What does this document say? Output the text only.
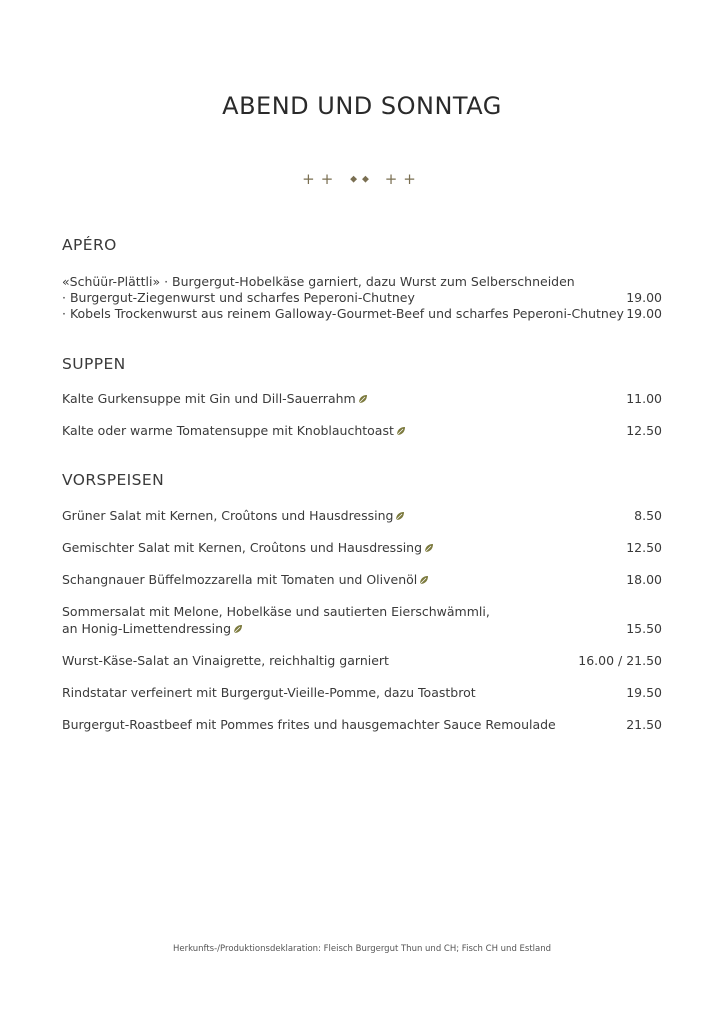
ABEND UND SONNTAG
++ ◆◆ ++
APÉRO
«Schüür-Plättli» · Burgergut-Hobelkäse garniert, dazu Wurst zum Selberschneiden
· Burgergut-Ziegenwurst und scharfes Peperoni-Chutney	19.00
· Kobels Trockenwurst aus reinem Galloway-Gourmet-Beef und scharfes Peperoni-Chutney 19.00
SUPPEN
Kalte Gurkensuppe mit Gin und Dill-Sauerrahm	11.00
Kalte oder warme Tomatensuppe mit Knoblauchtoast	12.50
VORSPEISEN
Grüner Salat mit Kernen, Croûtons und Hausdressing	8.50
Gemischter Salat mit Kernen, Croûtons und Hausdressing	12.50
Schangnauer Büffelmozzarella mit Tomaten und Olivenöl	18.00
Sommersalat mit Melone, Hobelkäse und sautierten Eierschwämmli,
an Honig-Limettendressing	15.50
Wurst-Käse-Salat an Vinaigrette, reichhaltig garniert	16.00 / 21.50
Rindstatar verfeinert mit Burgergut-Vieille-Pomme, dazu Toastbrot	19.50
Burgergut-Roastbeef mit Pommes frites und hausgemachter Sauce Remoulade	21.50
Herkunfts-/Produktionsdeklaration: Fleisch Burgergut Thun und CH; Fisch CH und Estland
